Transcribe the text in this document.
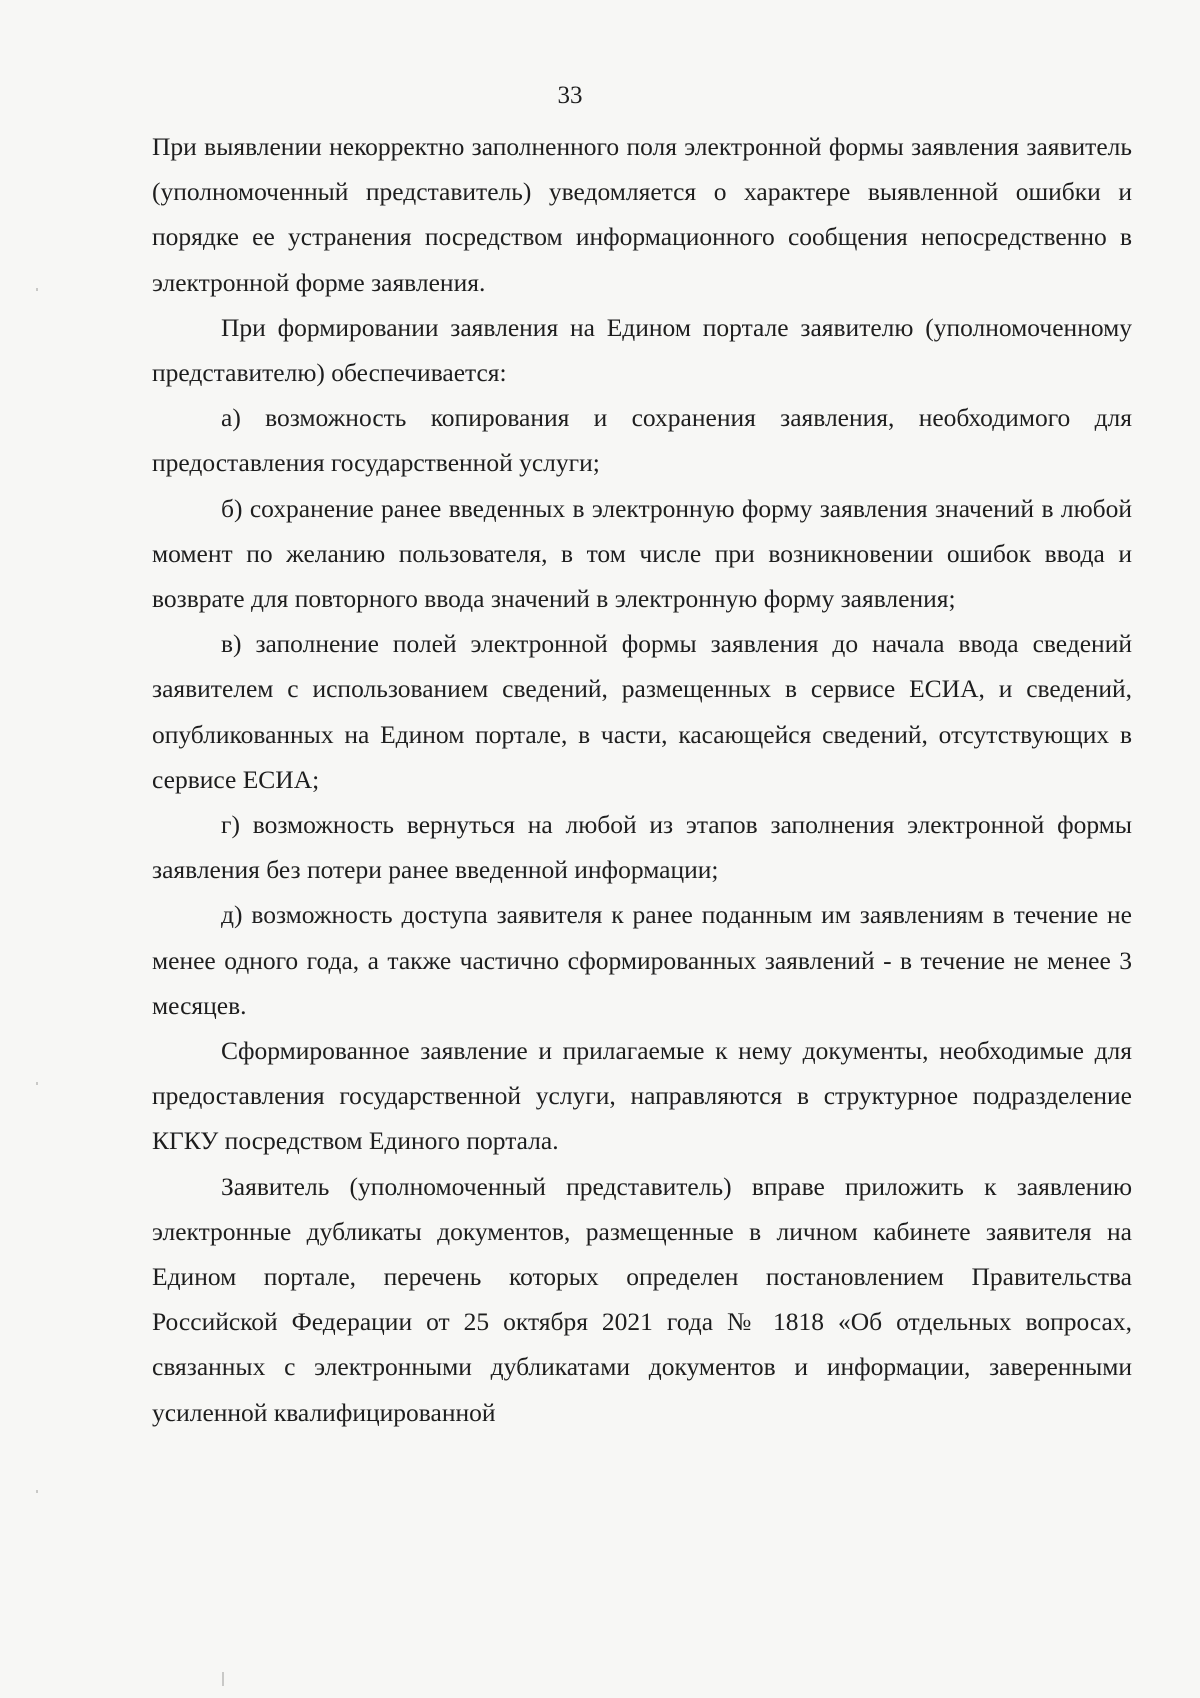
33

При выявлении некорректно заполненного поля электронной формы заявления заявитель (уполномоченный представитель) уведомляется о характере выявленной ошибки и порядке ее устранения посредством информационного сообщения непосредственно в электронной форме заявления.

При формировании заявления на Едином портале заявителю (уполномоченному представителю) обеспечивается:

а) возможность копирования и сохранения заявления, необходимого для предоставления государственной услуги;

б) сохранение ранее введенных в электронную форму заявления значений в любой момент по желанию пользователя, в том числе при возникновении ошибок ввода и возврате для повторного ввода значений в электронную форму заявления;

в) заполнение полей электронной формы заявления до начала ввода сведений заявителем с использованием сведений, размещенных в сервисе ЕСИА, и сведений, опубликованных на Едином портале, в части, касающейся сведений, отсутствующих в сервисе ЕСИА;

г) возможность вернуться на любой из этапов заполнения электронной формы заявления без потери ранее введенной информации;

д) возможность доступа заявителя к ранее поданным им заявлениям в течение не менее одного года, а также частично сформированных заявлений - в течение не менее 3 месяцев.

Сформированное заявление и прилагаемые к нему документы, необходимые для предоставления государственной услуги, направляются в структурное подразделение КГКУ посредством Единого портала.

Заявитель (уполномоченный представитель) вправе приложить к заявлению электронные дубликаты документов, размещенные в личном кабинете заявителя на Едином портале, перечень которых определен постановлением Правительства Российской Федерации от 25 октября 2021 года № 1818 «Об отдельных вопросах, связанных с электронными дубликатами документов и информации, заверенными усиленной квалифицированной
